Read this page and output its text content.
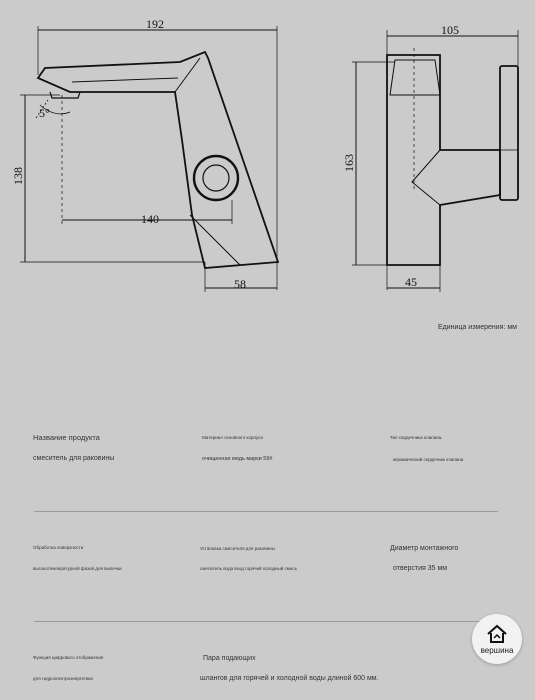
192
140
58
138
5°
105
163
45
Единица измерения: мм
Название продукта
смеситель для раковины
Материал основного корпуса
очищенная медь марки 59#
Тип сердечника клапана.
керамический сердечник клапана
Обработка поверхности
высокотемпературной фазой для выпечки
Установка смесителя для раковины
смеситель вода вход горячий холодный смесь
Диаметр монтажного
отверстия 35 мм
Функция цифрового отображения
для гидроэлектроэнергетики
Пара подающих
шлангов для горячей и холодной воды длиной 600 мм.
вершина
